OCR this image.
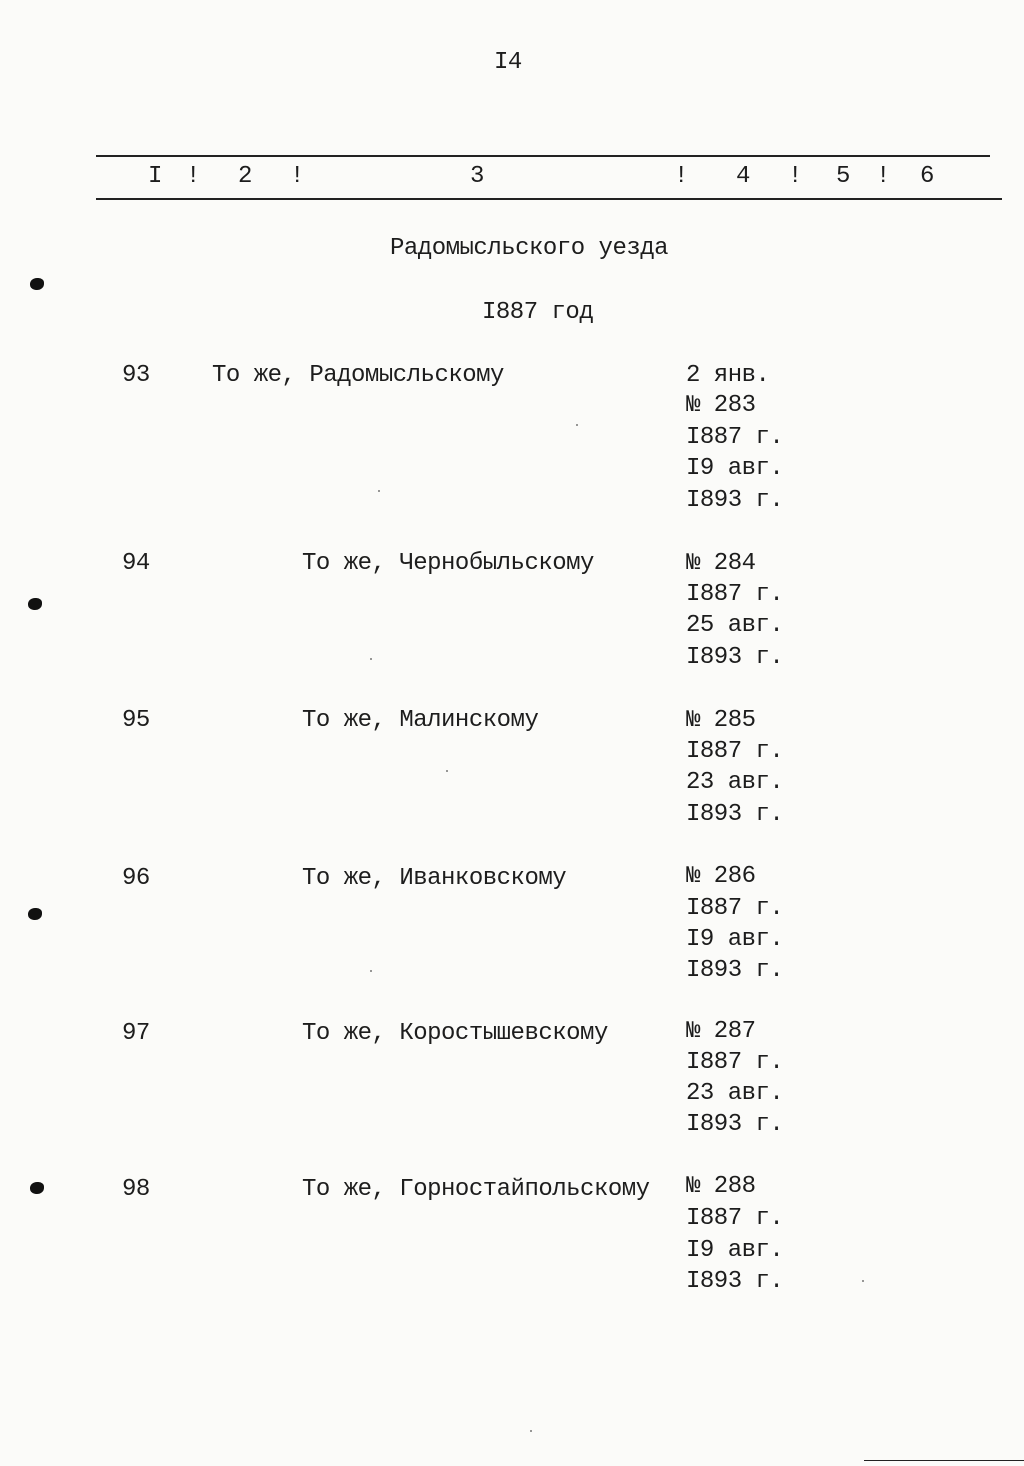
I4
I ! 2 !	3	! 4 ! 5 ! 6
Радомысльского уезда
I887 год
93	То же, Радомысльскому	2 янв.
№ 283
I887 г.
I9 авг.
I893 г.
94	То же, Чернобыльскому	№ 284
I887 г.
25 авг.
I893 г.
95	То же, Малинскому	№ 285
I887 г.
23 авг.
I893 г.
96	То же, Иванковскому	№ 286
I887 г.
I9 авг.
I893 г.
97	То же, Коростышевскому	№ 287
I887 г.
23 авг.
I893 г.
98	То же, Горностайпольскому № 288
I887 г.
I9 авг.
I893 г.
